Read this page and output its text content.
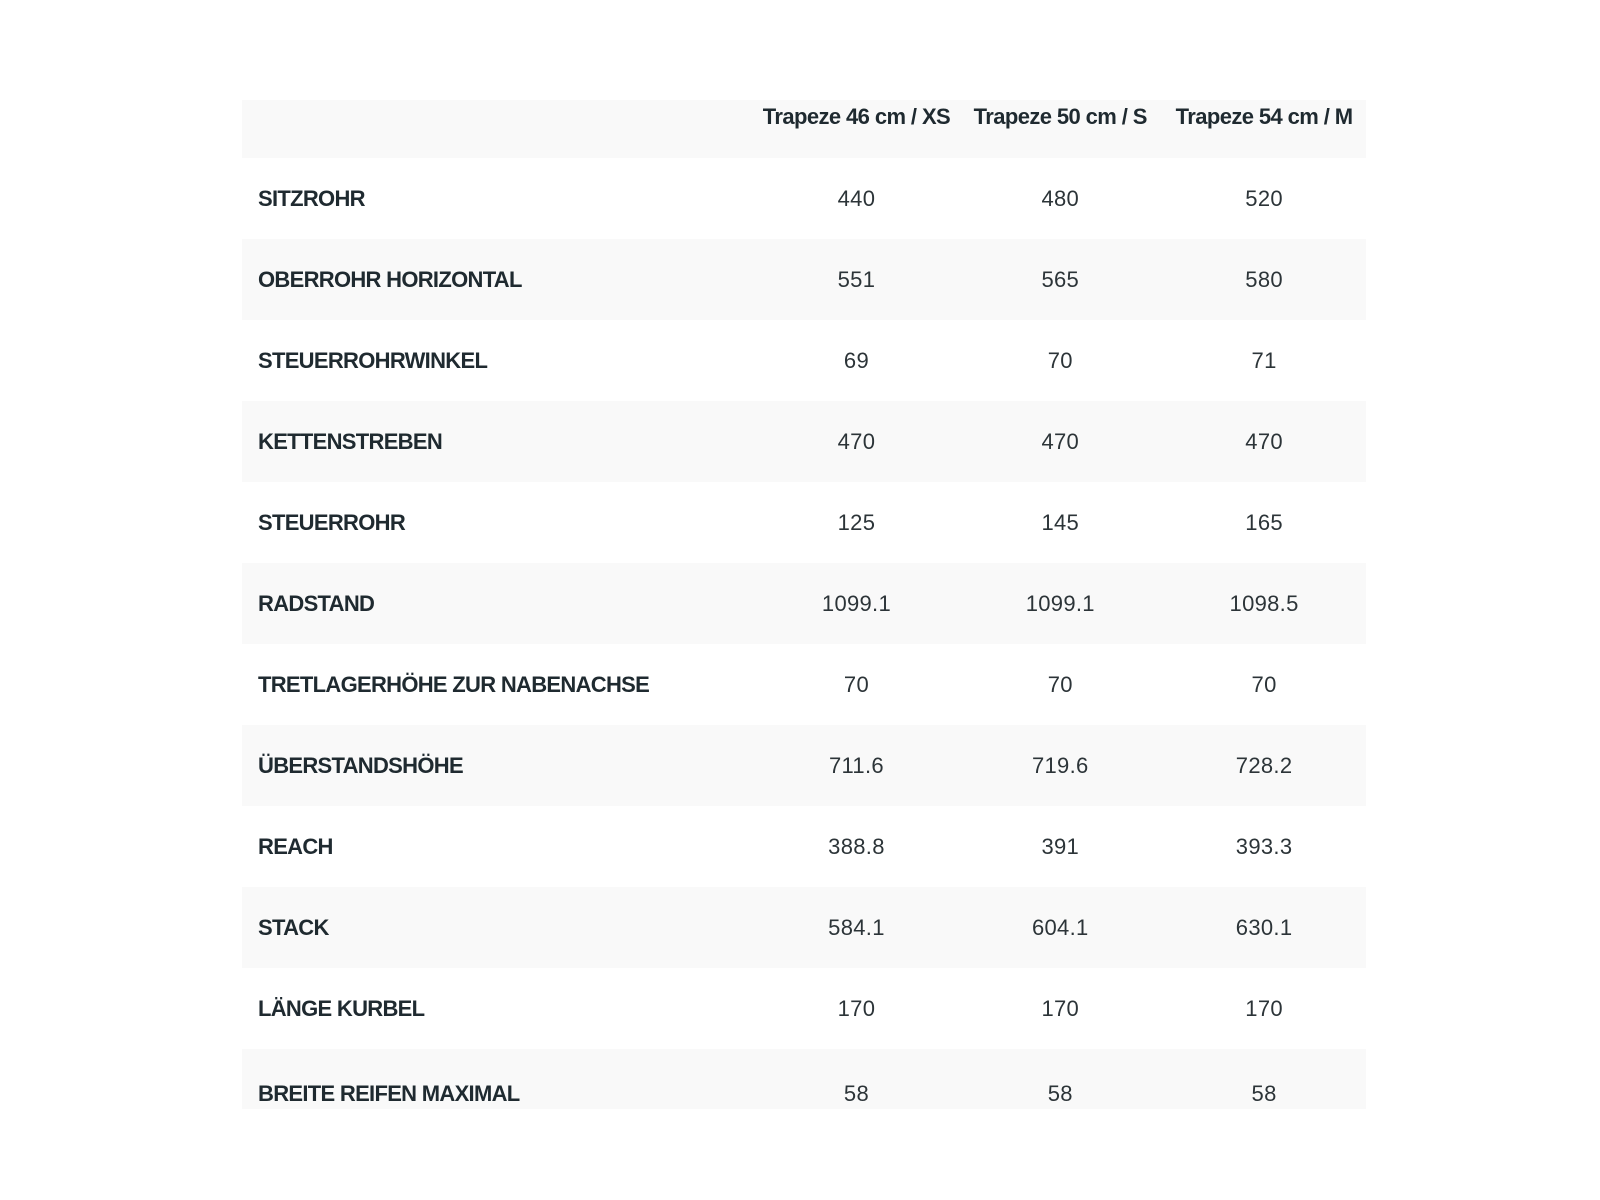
	Trapeze 46 cm / XS	Trapeze 50 cm / S	Trapeze 54 cm / M
SITZROHR	440	480	520
OBERROHR HORIZONTAL	551	565	580
STEUERROHRWINKEL	69	70	71
KETTENSTREBEN	470	470	470
STEUERROHR	125	145	165
RADSTAND	1099.1	1099.1	1098.5
TRETLAGERHÖHE ZUR NABENACHSE	70	70	70
ÜBERSTANDSHÖHE	711.6	719.6	728.2
REACH	388.8	391	393.3
STACK	584.1	604.1	630.1
LÄNGE KURBEL	170	170	170
BREITE REIFEN MAXIMAL	58	58	58
